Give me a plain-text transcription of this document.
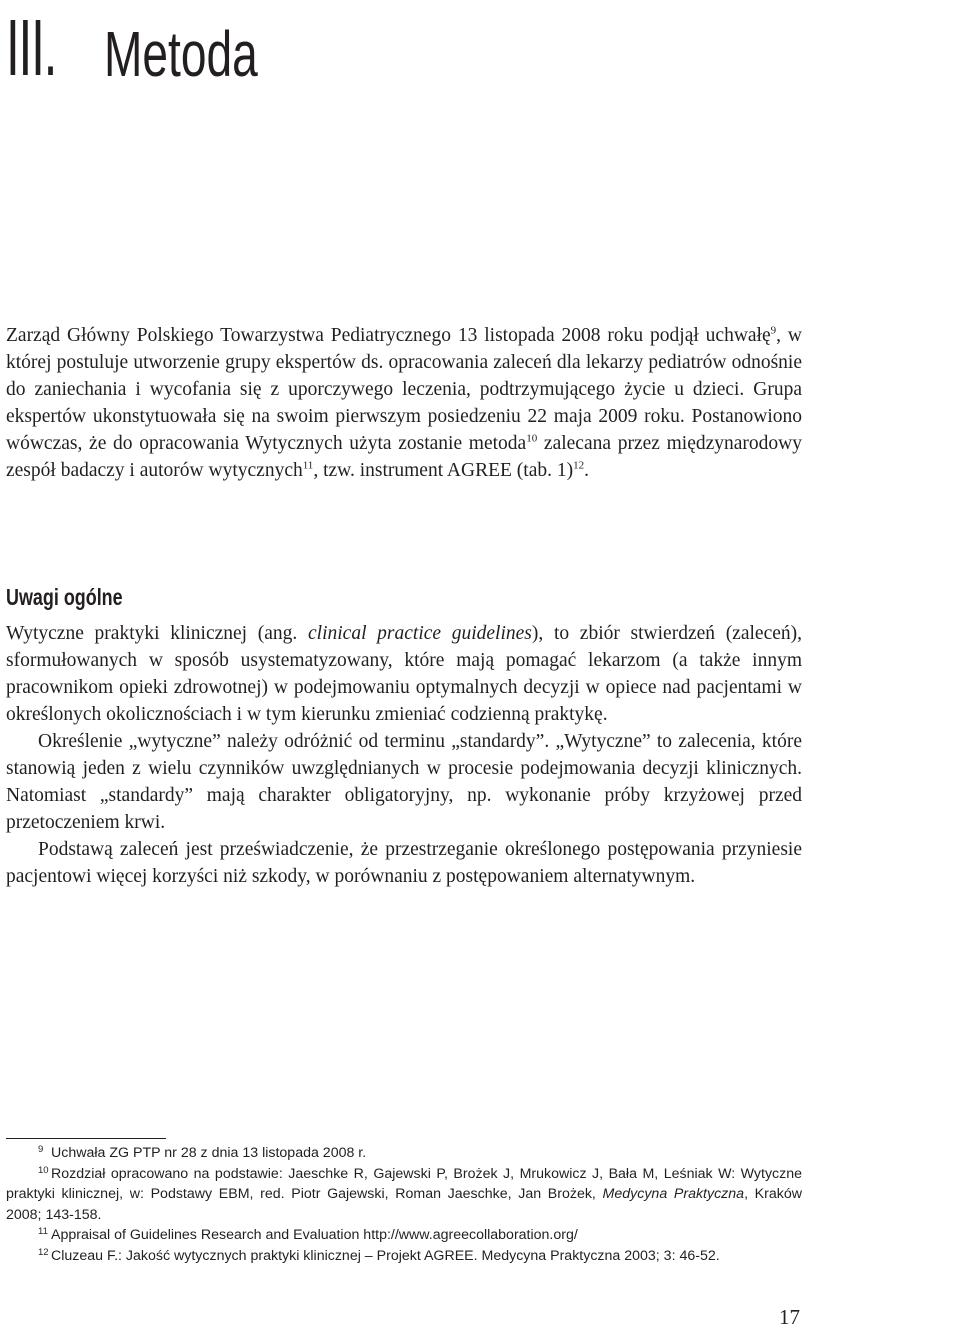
III. Metoda

Zarząd Główny Polskiego Towarzystwa Pediatrycznego 13 listopada 2008 roku podjął uchwałę$^9$, w której postuluje utworzenie grupy ekspertów ds. opracowania zaleceń dla lekarzy pediatrów odnośnie do zaniechania i wycofania się z uporczywego leczenia, podtrzymującego życie u dzieci. Grupa ekspertów ukonstytuowała się na swoim pierwszym posiedzeniu 22 maja 2009 roku. Postanowiono wówczas, że do opracowania Wytycznych użyta zostanie metoda$^{10}$ zalecana przez międzynarodowy zespół badaczy i autorów wytycznych$^{11}$, tzw. instrument AGREE (tab. 1)$^{12}$.

Uwagi ogólne

Wytyczne praktyki klinicznej (ang. clinical practice guidelines), to zbiór stwierdzeń (zaleceń), sformułowanych w sposób usystematyzowany, które mają pomagać lekarzom (a także innym pracownikom opieki zdrowotnej) w podejmowaniu optymalnych decyzji w opiece nad pacjentami w określonych okolicznościach i w tym kierunku zmieniać codzienną praktykę.

Określenie „wytyczne” należy odróżnić od terminu „standardy”. „Wytyczne” to zalecenia, które stanowią jeden z wielu czynników uwzględnianych w procesie podejmowania decyzji klinicznych. Natomiast „standardy” mają charakter obligatoryjny, np. wykonanie próby krzyżowej przed przetoczeniem krwi.

Podstawą zaleceń jest przeświadczenie, że przestrzeganie określonego postępowania przyniesie pacjentowi więcej korzyści niż szkody, w porównaniu z postępowaniem alternatywnym.

9 Uchwała ZG PTP nr 28 z dnia 13 listopada 2008 r.

10 Rozdział opracowano na podstawie: Jaeschke R, Gajewski P, Brożek J, Mrukowicz J, Bała M, Leśniak W: Wytyczne praktyki klinicznej, w: Podstawy EBM, red. Piotr Gajewski, Roman Jaeschke, Jan Brożek, Medycyna Praktyczna, Kraków 2008; 143-158.

11 Appraisal of Guidelines Research and Evaluation http://www.agreecollaboration.org/

12 Cluzeau F.: Jakość wytycznych praktyki klinicznej – Projekt AGREE. Medycyna Praktyczna 2003; 3: 46-52.

17
